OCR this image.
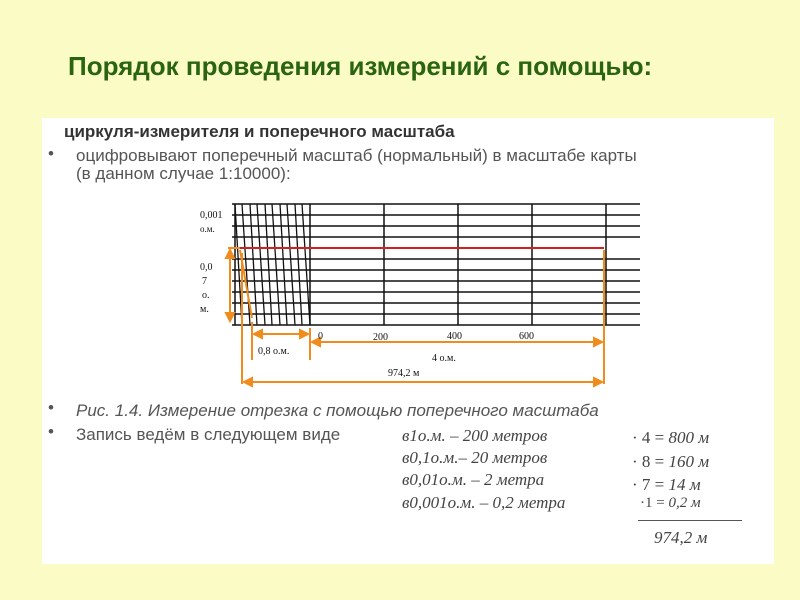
Порядок проведения измерений с помощью:

циркуля-измерителя и поперечного масштаба

• оцифровывают поперечный масштаб (нормальный) в масштабе карты
(в данном случае 1:10000):
0,001
о.м.
0,0
7
о.
м.
0	200	400	600
0,8 о.м.
4 о.м.
974,2 м
• Рис. 1.4. Измерение отрезка с помощью поперечного масштаба
• Запись ведём в следующем виде	в1о.м. – 200 метров
в0,1о.м.– 20 метров
в0,01о.м. – 2 метра
в0,001о.м. – 0,2 метра
· 4 = 800 м
· 8 = 160 м
· 7 = 14 м
·1 = 0,2 м
974,2 м
